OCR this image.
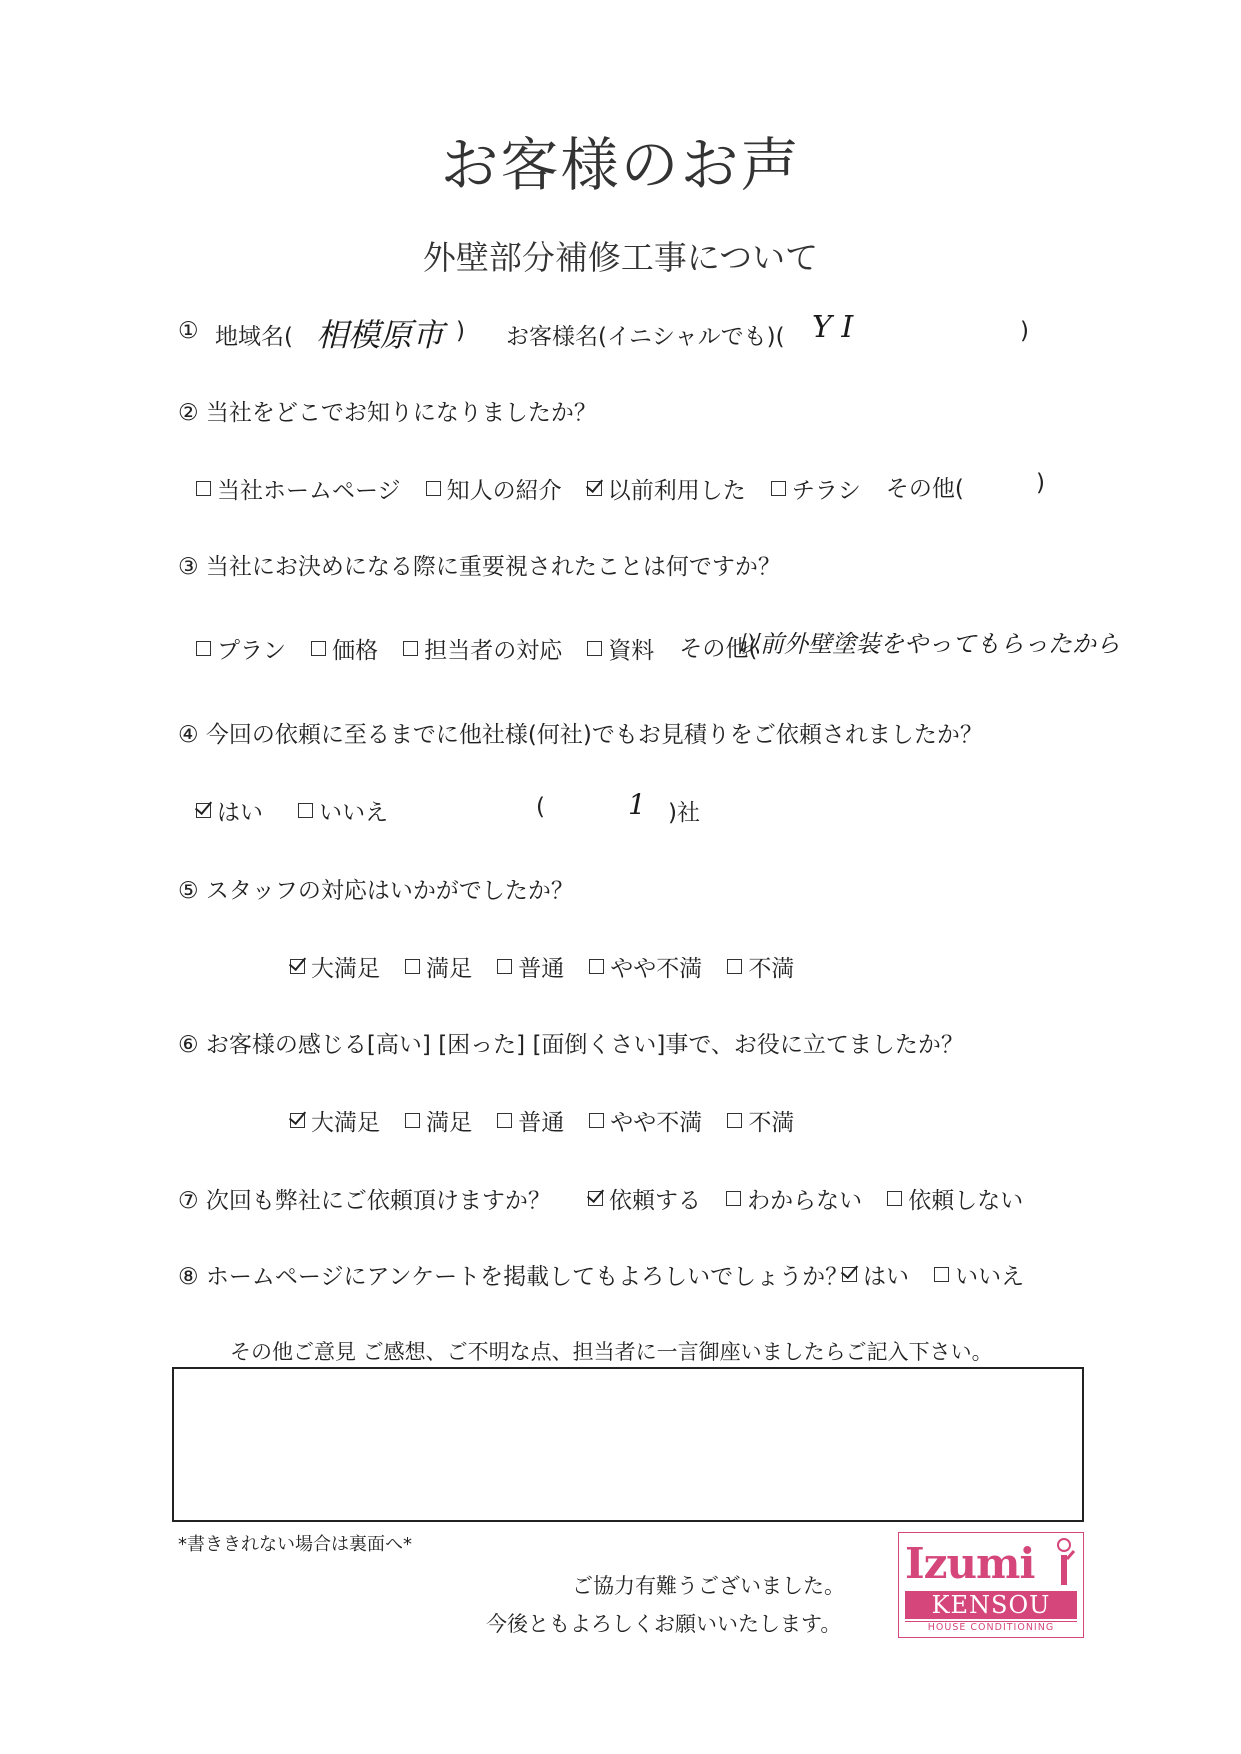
お客様のお声
外壁部分補修工事について
① 地域名( 相模原市 ) お客様名(イニシャルでも)( Y I	)
② 当社をどこでお知りになりましたか？
当社ホームページ
知人の紹介
以前利用した
チラシ その他(	)
③ 当社にお決めになる際に重要視されたことは何ですか？
プラン
価格
担当者の対応
資料 その他(
以前外壁塗装をやってもらったから
④ 今回の依頼に至るまでに他社様(何社)でもお見積りをご依頼されましたか？
はい
いいえ	(	1 )社
⑤ スタッフの対応はいかがでしたか？
大満足
満足
普通
やや不満
不満
⑥ お客様の感じる[高い] [困った] [面倒くさい]事で、お役に立てましたか？
大満足
満足
普通
やや不満
不満
⑦ 次回も弊社にご依頼頂けますか？	依頼する
わからない
依頼しない
⑧ ホームページにアンケートを掲載してもよろしいでしょうか？ はい
いいえ
その他ご意見 ご感想、ご不明な点、担当者に一言御座いましたらご記入下さい。
*書ききれない場合は裏面へ*
ご協力有難うございました。
今後ともよろしくお願いいたします。
Izumi
KENSOU
HOUSE CONDITIONING
